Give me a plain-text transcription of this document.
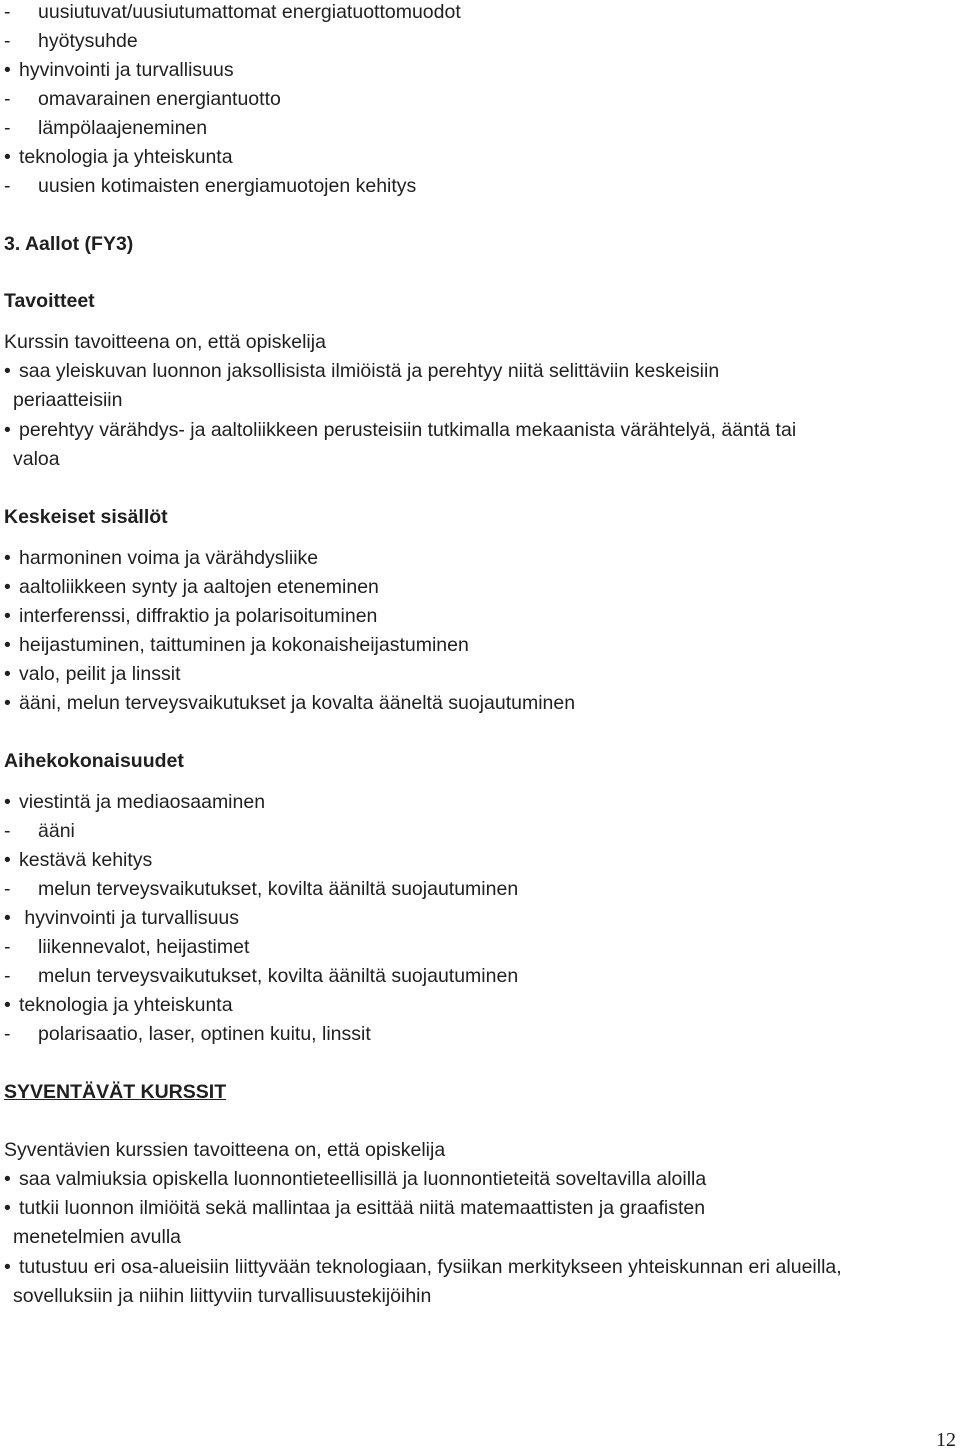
- uusiutuvat/uusiutumattomat energiatuottomuodot
- hyötysuhde
• hyvinvointi ja turvallisuus
- omavarainen energiantuotto
- lämpölaajeneminen
• teknologia ja yhteiskunta
- uusien kotimaisten energiamuotojen kehitys
3. Aallot (FY3)
Tavoitteet
Kurssin tavoitteena on, että opiskelija
• saa yleiskuvan luonnon jaksollisista ilmiöistä ja perehtyy niitä selittäviin keskeisiin
periaatteisiin
• perehtyy värähdys- ja aaltoliikkeen perusteisiin tutkimalla mekaanista värähtelyä, ääntä tai
valoa
Keskeiset sisällöt
• harmoninen voima ja värähdysliike
• aaltoliikkeen synty ja aaltojen eteneminen
• interferenssi, diffraktio ja polarisoituminen
• heijastuminen, taittuminen ja kokonaisheijastuminen
• valo, peilit ja linssit
• ääni, melun terveysvaikutukset ja kovalta ääneltä suojautuminen
Aihekokonaisuudet
• viestintä ja mediaosaaminen
- ääni
• kestävä kehitys
- melun terveysvaikutukset, kovilta ääniltä suojautuminen
• hyvinvointi ja turvallisuus
- liikennevalot, heijastimet
- melun terveysvaikutukset, kovilta ääniltä suojautuminen
• teknologia ja yhteiskunta
- polarisaatio, laser, optinen kuitu, linssit
SYVENTÄVÄT KURSSIT
Syventävien kurssien tavoitteena on, että opiskelija
• saa valmiuksia opiskella luonnontieteellisillä ja luonnontieteitä soveltavilla aloilla
• tutkii luonnon ilmiöitä sekä mallintaa ja esittää niitä matemaattisten ja graafisten
menetelmien avulla
• tutustuu eri osa-alueisiin liittyvään teknologiaan, fysiikan merkitykseen yhteiskunnan eri alueilla,
sovelluksiin ja niihin liittyviin turvallisuustekijöihin
12
